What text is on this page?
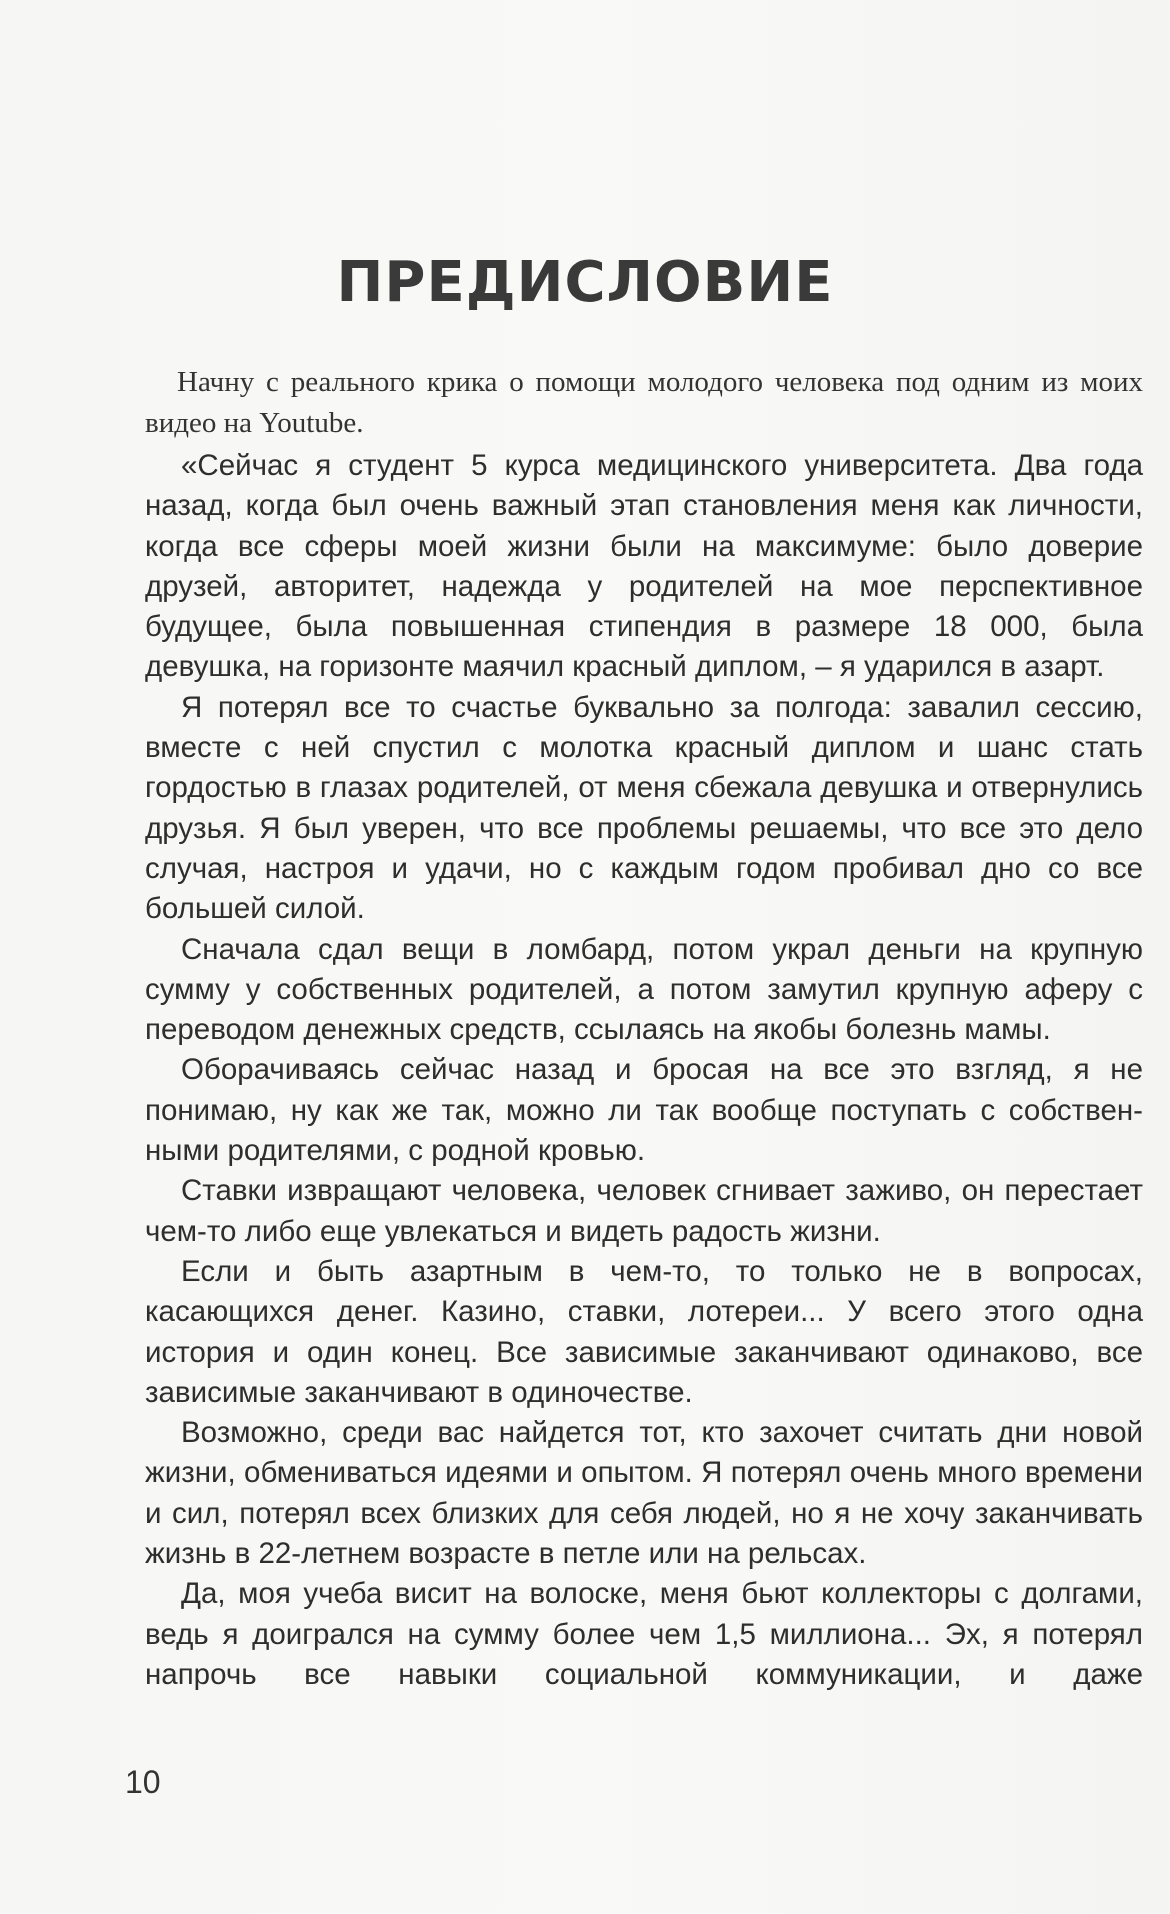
ПРЕДИСЛОВИЕ

Начну с реального крика о помощи молодого человека под одним из моих видео на Youtube.

«Сейчас я студент 5 курса медицинского университета. Два года назад, когда был очень важный этап становления меня как личности, когда все сферы моей жизни были на максимуме: было доверие друзей, авторитет, надежда у родителей на мое перспективное будущее, была повышенная стипендия в размере 18 000, была девушка, на горизонте маячил красный диплом, – я ударился в азарт.

Я потерял все то счастье буквально за полгода: завалил сессию, вместе с ней спустил с молотка красный диплом и шанс стать гордостью в глазах родителей, от меня сбежала девушка и отвернулись друзья. Я был уверен, что все проблемы решаемы, что все это дело случая, настроя и удачи, но с каждым годом пробивал дно со все большей силой.

Сначала сдал вещи в ломбард, потом украл деньги на крупную сумму у собственных родителей, а потом замутил крупную аферу с переводом денежных средств, ссылаясь на якобы болезнь мамы.

Оборачиваясь сейчас назад и бросая на все это взгляд, я не понимаю, ну как же так, можно ли так вообще поступать с собственными родителями, с родной кровью.

Ставки извращают человека, человек сгнивает заживо, он перестает чем-то либо еще увлекаться и видеть радость жизни.

Если и быть азартным в чем-то, то только не в вопросах, касающихся денег. Казино, ставки, лотереи... У всего этого одна история и один конец. Все зависимые заканчивают одинаково, все зависимые заканчивают в одиночестве.

Возможно, среди вас найдется тот, кто захочет считать дни новой жизни, обмениваться идеями и опытом. Я потерял очень много времени и сил, потерял всех близких для себя людей, но я не хочу заканчивать жизнь в 22-летнем возрасте в петле или на рельсах.

Да, моя учеба висит на волоске, меня бьют коллекторы с долгами, ведь я доигрался на сумму более чем 1,5 миллиона... Эх, я потерял напрочь все навыки социальной коммуникации, и даже

10
